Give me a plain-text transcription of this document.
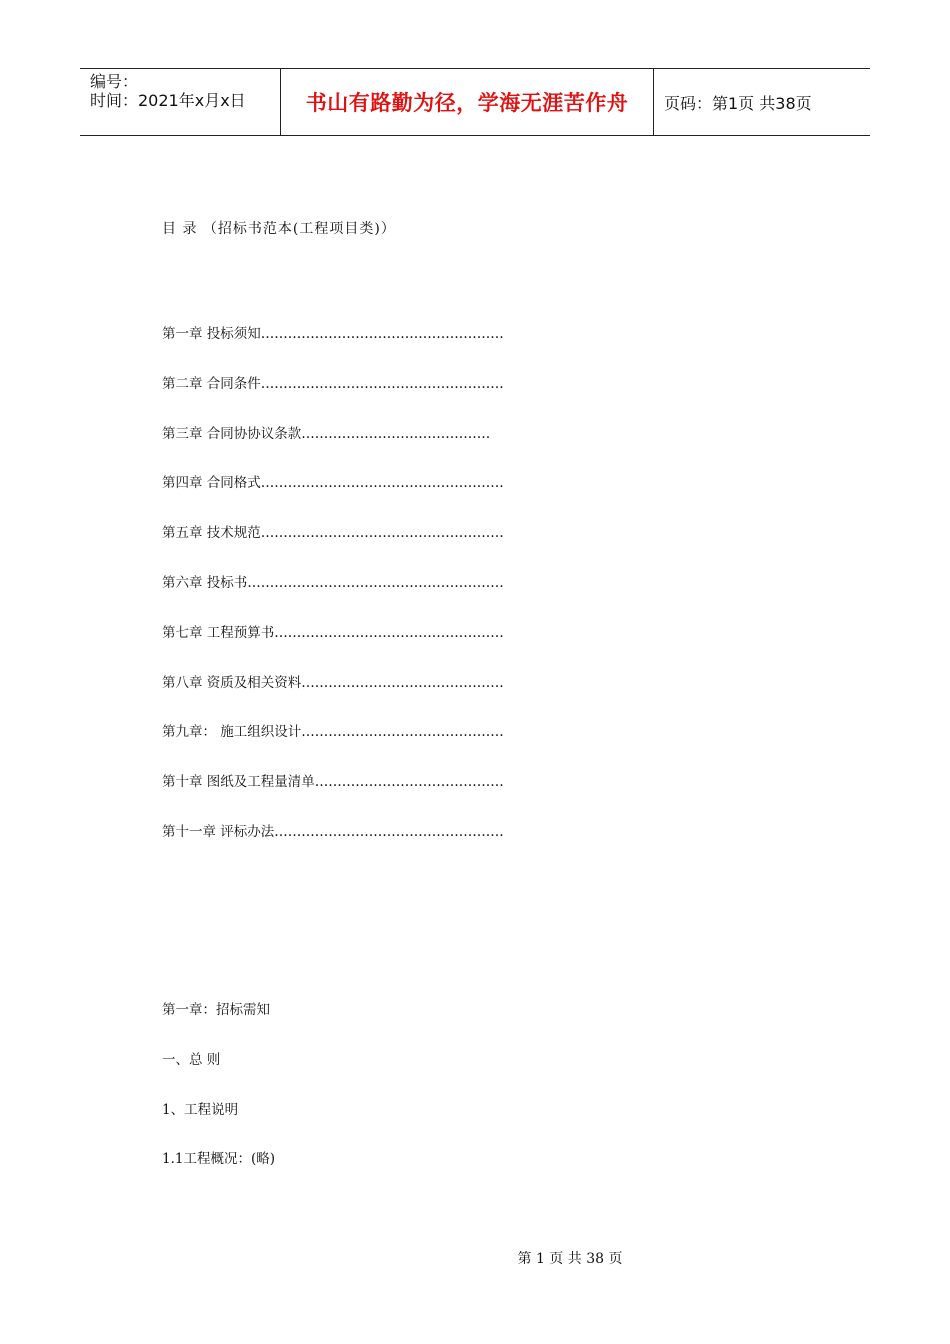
编号：
时间：2021年x月x日	书山有路勤为径，学海无涯苦作舟	页码：第1页 共38页
目 录 （招标书范本(工程项目类)）
第一章 投标须知………………………………………………
第二章 合同条件………………………………………………
第三章 合同协协议条款……………………………………
第四章 合同格式………………………………………………
第五章 技术规范………………………………………………
第六章 投标书…………………………………………………
第七章 工程预算书……………………………………………
第八章 资质及相关资料………………………………………
第九章： 施工组织设计………………………………………
第十章 图纸及工程量清单……………………………………
第十一章 评标办法……………………………………………
第一章：招标需知
一、总 则
1、工程说明
1.1工程概况：(略)
第 1 页 共 38 页
